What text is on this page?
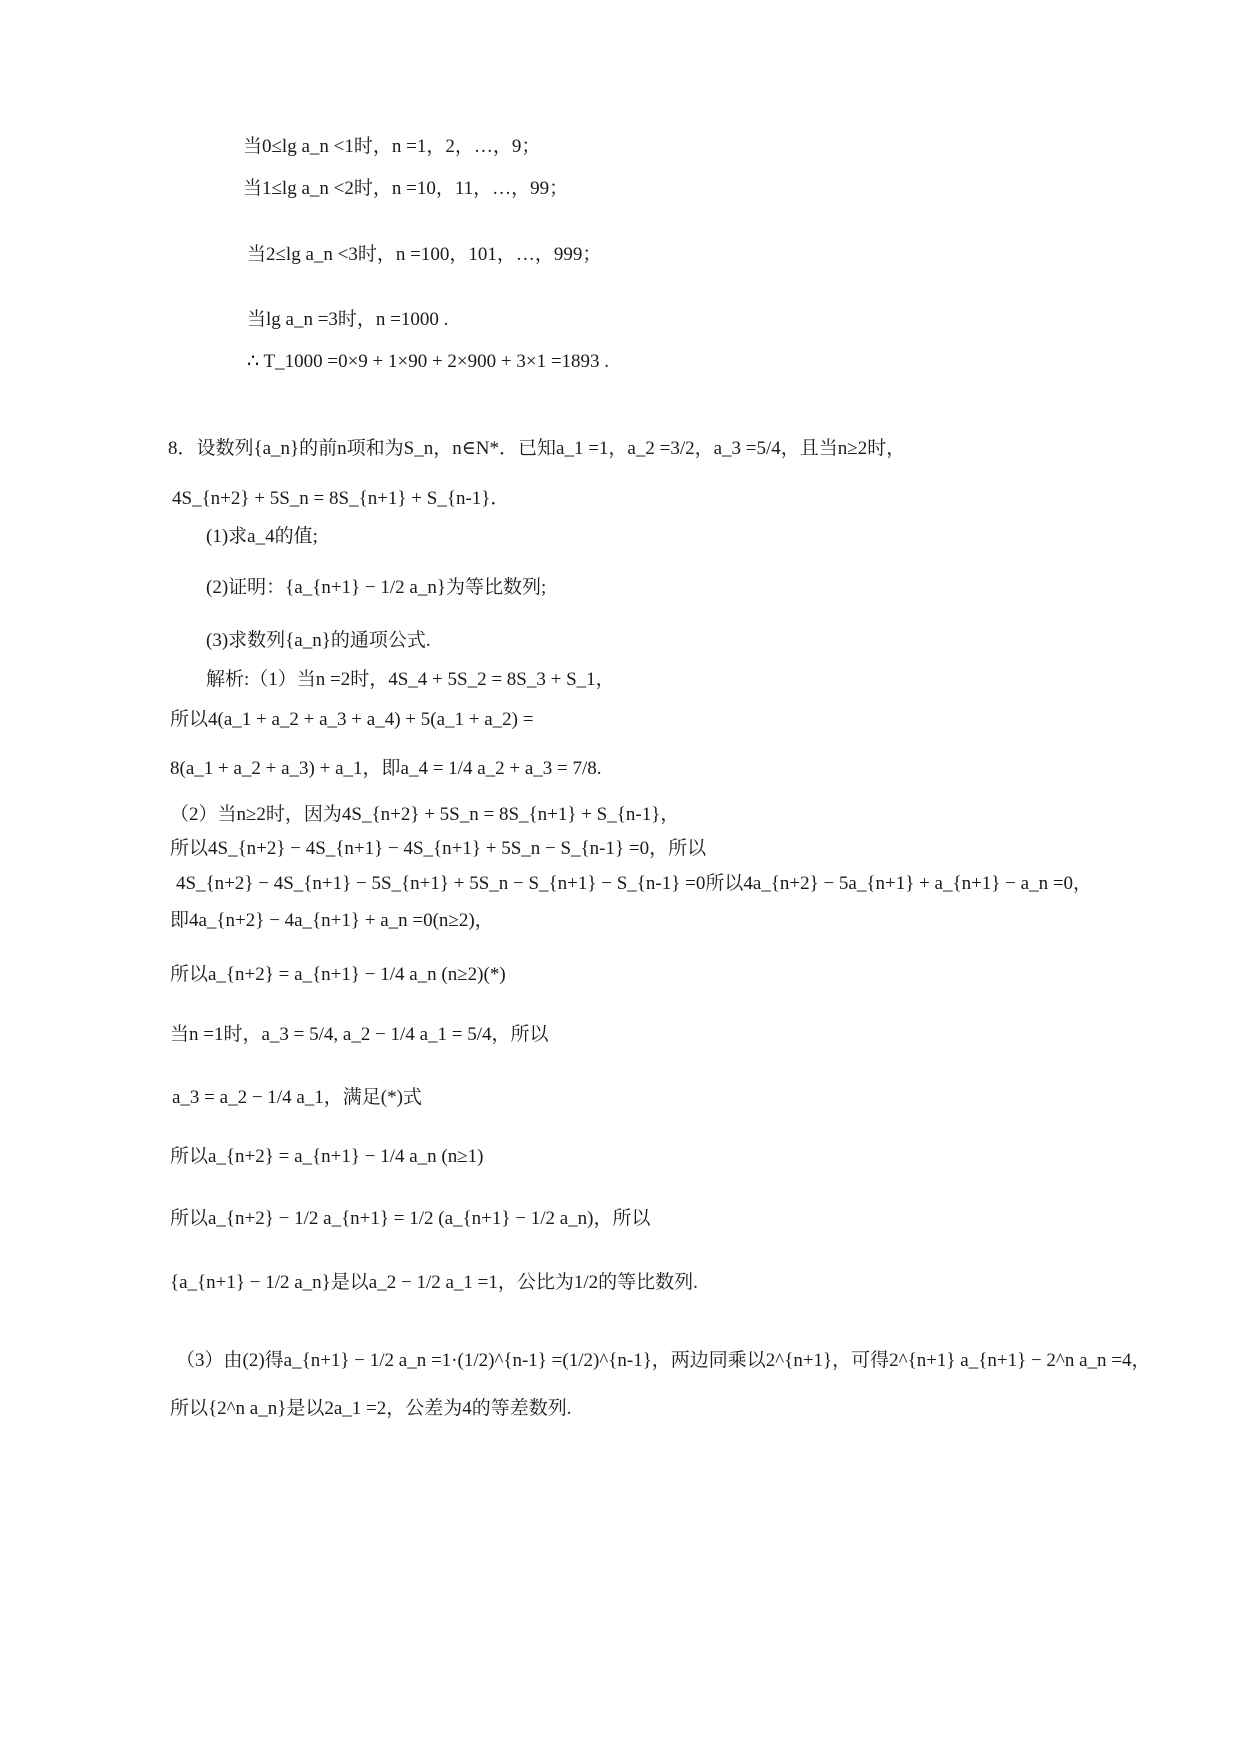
当0≤lg a_n <1时，n =1，2，…，9；
当1≤lg a_n <2时，n =10，11，…，99；
当2≤lg a_n <3时，n =100，101，…，999；
当lg a_n =3时，n =1000 .
∴ T_1000 =0×9 + 1×90 + 2×900 + 3×1 =1893 .
8．设数列{a_n}的前n项和为S_n，n∈N*．已知a_1 =1，a_2 =3/2，a_3 =5/4，且当n≥2时，
4S_{n+2} + 5S_n = 8S_{n+1} + S_{n-1}．
(1)求a_4的值;
(2)证明：{a_{n+1} − 1/2 a_n}为等比数列;
(3)求数列{a_n}的通项公式.
解析:（1）当n =2时，4S_4 + 5S_2 = 8S_3 + S_1，
所以4(a_1 + a_2 + a_3 + a_4) + 5(a_1 + a_2) =
8(a_1 + a_2 + a_3) + a_1，即a_4 = 1/4 a_2 + a_3 = 7/8.
（2）当n≥2时，因为4S_{n+2} + 5S_n = 8S_{n+1} + S_{n-1}，
所以4S_{n+2} − 4S_{n+1} − 4S_{n+1} + 5S_n − S_{n-1} =0，所以
4S_{n+2} − 4S_{n+1} − 5S_{n+1} + 5S_n − S_{n+1} − S_{n-1} =0所以4a_{n+2} − 5a_{n+1} + a_{n+1} − a_n =0，
即4a_{n+2} − 4a_{n+1} + a_n =0(n≥2)，
所以a_{n+2} = a_{n+1} − 1/4 a_n (n≥2)(*)
当n =1时，a_3 = 5/4, a_2 − 1/4 a_1 = 5/4，所以
a_3 = a_2 − 1/4 a_1，满足(*)式
所以a_{n+2} = a_{n+1} − 1/4 a_n (n≥1)
所以a_{n+2} − 1/2 a_{n+1} = 1/2 (a_{n+1} − 1/2 a_n)，所以
{a_{n+1} − 1/2 a_n}是以a_2 − 1/2 a_1 =1，公比为1/2的等比数列.
（3）由(2)得a_{n+1} − 1/2 a_n =1·(1/2)^{n-1} =(1/2)^{n-1}，两边同乘以2^{n+1}，可得2^{n+1} a_{n+1} − 2^n a_n =4，
所以{2^n a_n}是以2a_1 =2，公差为4的等差数列.
